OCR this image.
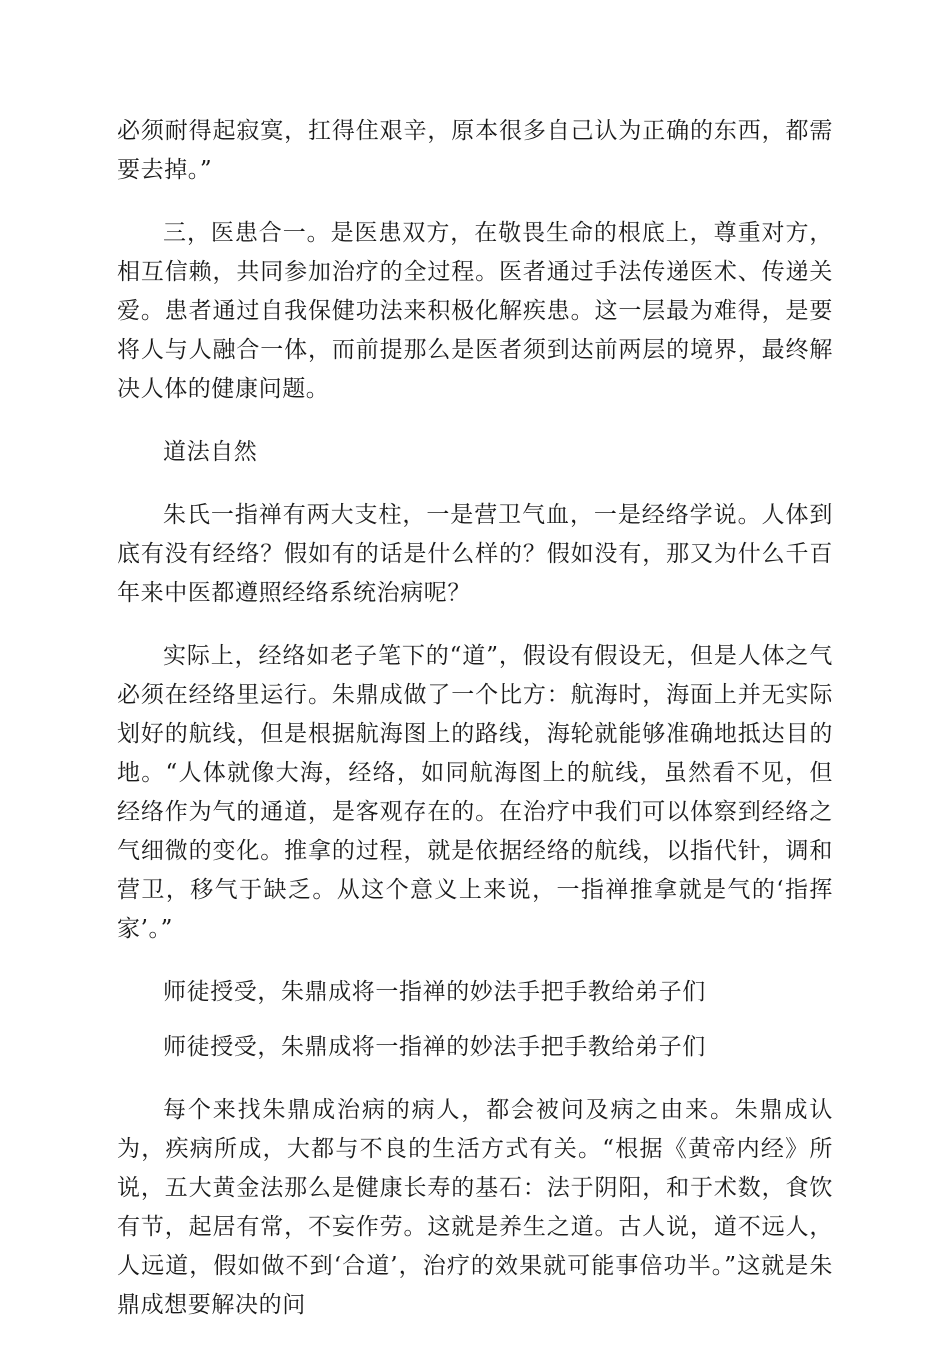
必须耐得起寂寞，扛得住艰辛，原本很多自己认为正确的东西，都需要去掉。”

三，医患合一。是医患双方，在敬畏生命的根底上，尊重对方，相互信赖，共同参加治疗的全过程。医者通过手法传递医术、传递关爱。患者通过自我保健功法来积极化解疾患。这一层最为难得，是要将人与人融合一体，而前提那么是医者须到达前两层的境界，最终解决人体的健康问题。

道法自然

朱氏一指禅有两大支柱，一是营卫气血，一是经络学说。人体到底有没有经络？假如有的话是什么样的？假如没有，那又为什么千百年来中医都遵照经络系统治病呢？

实际上，经络如老子笔下的“道”，假设有假设无，但是人体之气必须在经络里运行。朱鼎成做了一个比方：航海时，海面上并无实际划好的航线，但是根据航海图上的路线，海轮就能够准确地抵达目的地。“人体就像大海，经络，如同航海图上的航线，虽然看不见，但经络作为气的通道，是客观存在的。在治疗中我们可以体察到经络之气细微的变化。推拿的过程，就是依据经络的航线，以指代针，调和营卫，移气于缺乏。从这个意义上来说，一指禅推拿就是气的‘指挥家’。”

师徒授受，朱鼎成将一指禅的妙法手把手教给弟子们

师徒授受，朱鼎成将一指禅的妙法手把手教给弟子们

每个来找朱鼎成治病的病人，都会被问及病之由来。朱鼎成认为，疾病所成，大都与不良的生活方式有关。“根据《黄帝内经》所说，五大黄金法那么是健康长寿的基石：法于阴阳，和于术数，食饮有节，起居有常，不妄作劳。这就是养生之道。古人说，道不远人，人远道，假如做不到‘合道’，治疗的效果就可能事倍功半。”这就是朱鼎成想要解决的问
